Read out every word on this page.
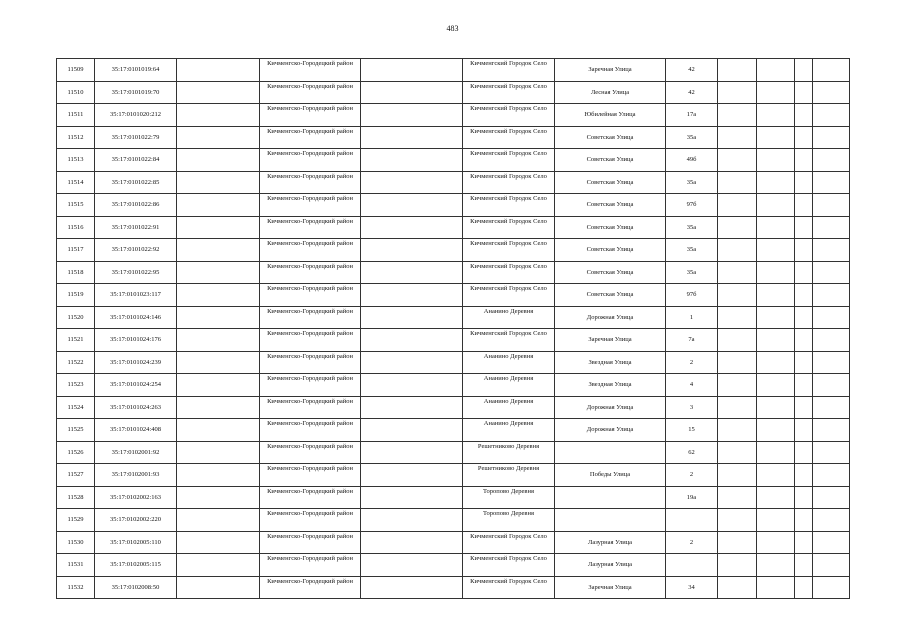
483
11509	35:17:0101019:64		Кичменгско-Городецкий район		Кичменгский Городок Село	Заречная Улица	42				
11510	35:17:0101019:70		Кичменгско-Городецкий район		Кичменгский Городок Село	Лесная Улица	42				
11511	35:17:0101020:212		Кичменгско-Городецкий район		Кичменгский Городок Село	Юбилейная Улица	17а				
11512	35:17:0101022:79		Кичменгско-Городецкий район		Кичменгский Городок Село	Советская Улица	35а				
11513	35:17:0101022:84		Кичменгско-Городецкий район		Кичменгский Городок Село	Советская Улица	49б				
11514	35:17:0101022:85		Кичменгско-Городецкий район		Кичменгский Городок Село	Советская Улица	35а				
11515	35:17:0101022:86		Кичменгско-Городецкий район		Кичменгский Городок Село	Советская Улица	97б				
11516	35:17:0101022:91		Кичменгско-Городецкий район		Кичменгский Городок Село	Советская Улица	35а				
11517	35:17:0101022:92		Кичменгско-Городецкий район		Кичменгский Городок Село	Советская Улица	35а				
11518	35:17:0101022:95		Кичменгско-Городецкий район		Кичменгский Городок Село	Советская Улица	35а				
11519	35:17:0101023:117		Кичменгско-Городецкий район		Кичменгский Городок Село	Советская Улица	97б				
11520	35:17:0101024:146		Кичменгско-Городецкий район		Ананино Деревня	Дорожная Улица	1				
11521	35:17:0101024:176		Кичменгско-Городецкий район		Кичменгский Городок Село	Заречная Улица	7а				
11522	35:17:0101024:239		Кичменгско-Городецкий район		Ананино Деревня	Звездная Улица	2				
11523	35:17:0101024:254		Кичменгско-Городецкий район		Ананино Деревня	Звездная Улица	4				
11524	35:17:0101024:263		Кичменгско-Городецкий район		Ананино Деревня	Дорожная Улица	3				
11525	35:17:0101024:408		Кичменгско-Городецкий район		Ананино Деревня	Дорожная Улица	15				
11526	35:17:0102001:92		Кичменгско-Городецкий район		Решетниково Деревня		62				
11527	35:17:0102001:93		Кичменгско-Городецкий район		Решетниково Деревня	Победы Улица	2				
11528	35:17:0102002:163		Кичменгско-Городецкий район		Торопово Деревня		19а				
11529	35:17:0102002:220		Кичменгско-Городецкий район		Торопово Деревня						
11530	35:17:0102005:110		Кичменгско-Городецкий район		Кичменгский Городок Село	Лазурная Улица	2				
11531	35:17:0102005:115		Кичменгско-Городецкий район		Кичменгский Городок Село	Лазурная Улица					
11532	35:17:0102008:50		Кичменгско-Городецкий район		Кичменгский Городок Село	Заречная Улица	34				
